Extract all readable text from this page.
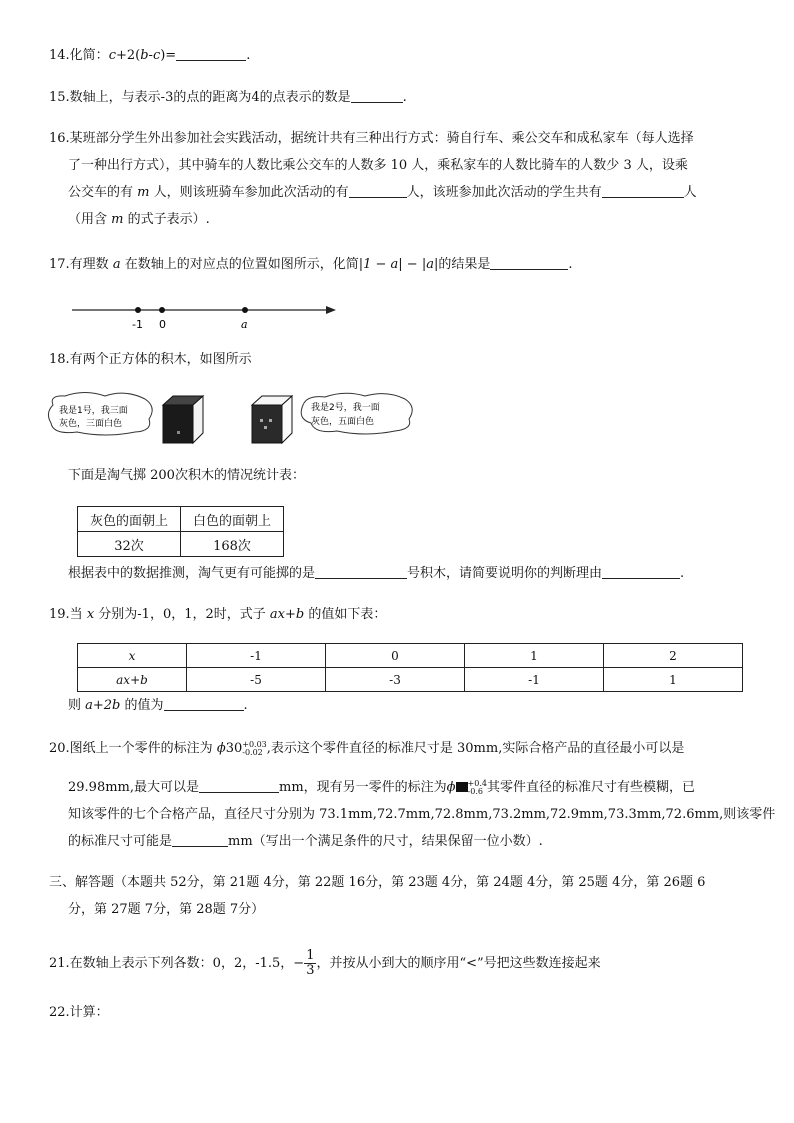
14.化简：c+2(b-c)=	.
15.数轴上，与表示-3的点的距离为4的点表示的数是	.
16.某班部分学生外出参加社会实践活动，据统计共有三种出行方式：骑自行车、乘公交车和成私家车（每人选择
了一种出行方式），其中骑车的人数比乘公交车的人数多 10 人，乘私家车的人数比骑车的人数少 3 人，设乘
公交车的有 m 人，则该班骑车参加此次活动的有	人，该班参加此次活动的学生共有	人
（用含 m 的式子表示）.
17.有理数 a 在数轴上的对应点的位置如图所示，化简|1 − a| − |a|的结果是	.
-1 0	a
18.有两个正方体的积木，如图所示
我是1号，我三面
灰色，三面白色
我是2号，我一面
灰色，五面白色
下面是淘气掷 200次积木的情况统计表：
灰色的面朝上	白色的面朝上
32次	168次
根据表中的数据推测，淘气更有可能掷的是	号积木，请简要说明你的判断理由	.
19.当 x 分别为-1，0，1，2时，式子 ax+b 的值如下表：
x	-1	0	1	2
ax+b	-5	-3	-1	1
则 a+2b 的值为	.
20.图纸上一个零件的标注为 ϕ30 +0.03
-0.02 ,表示这个零件直径的标准尺寸是 30mm,实际合格产品的直径最小可以是
29.98mm,最大可以是	mm，现有另一零件的标注为ϕ +0.4
-0.6 其零件直径的标准尺寸有些模糊，已
知该零件的七个合格产品，直径尺寸分别为 73.1mm,72.7mm,72.8mm,73.2mm,72.9mm,73.3mm,72.6mm,则该零件
的标准尺寸可能是	mm（写出一个满足条件的尺寸，结果保留一位小数）.
三、解答题（本题共 52分，第 21题 4分，第 22题 16分，第 23题 4分，第 24题 4分，第 25题 4分，第 26题 6
分，第 27题 7分，第 28题 7分）
21.在数轴上表示下列各数：0，2，-1.5，− $\frac{1}{3}$ ，并按从小到大的顺序用“<”号把这些数连接起来
22.计算：
